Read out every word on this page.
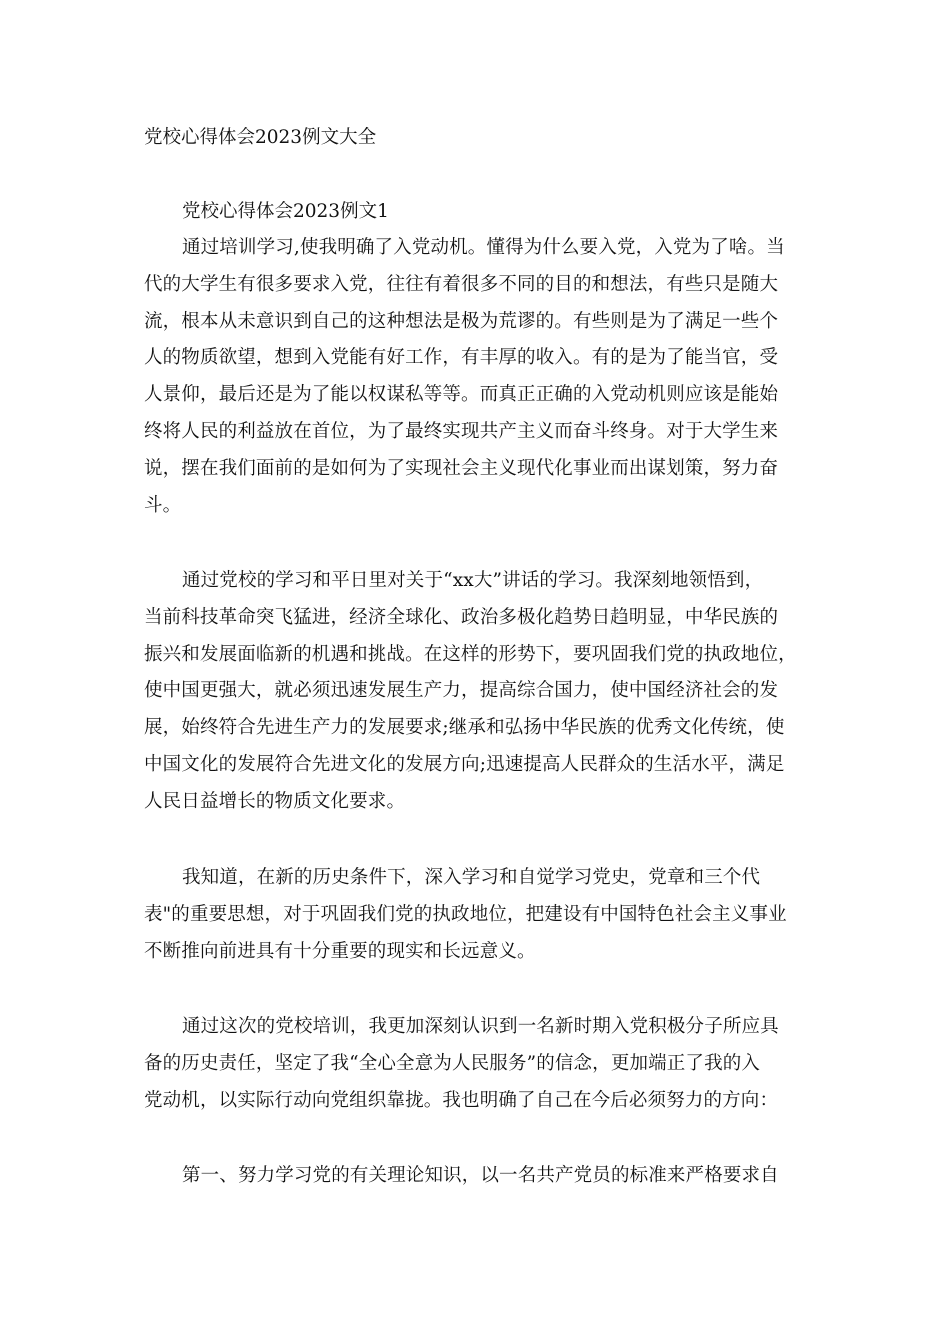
党校心得体会2023例文大全
党校心得体会2023例文1
通过培训学习,使我明确了入党动机。懂得为什么要入党，入党为了啥。当
代的大学生有很多要求入党，往往有着很多不同的目的和想法，有些只是随大
流，根本从未意识到自己的这种想法是极为荒谬的。有些则是为了满足一些个
人的物质欲望，想到入党能有好工作，有丰厚的收入。有的是为了能当官，受
人景仰，最后还是为了能以权谋私等等。而真正正确的入党动机则应该是能始
终将人民的利益放在首位，为了最终实现共产主义而奋斗终身。对于大学生来
说，摆在我们面前的是如何为了实现社会主义现代化事业而出谋划策，努力奋
斗。
通过党校的学习和平日里对关于“xx大”讲话的学习。我深刻地领悟到，
当前科技革命突飞猛进，经济全球化、政治多极化趋势日趋明显，中华民族的
振兴和发展面临新的机遇和挑战。在这样的形势下，要巩固我们党的执政地位，
使中国更强大，就必须迅速发展生产力，提高综合国力，使中国经济社会的发
展，始终符合先进生产力的发展要求;继承和弘扬中华民族的优秀文化传统，使
中国文化的发展符合先进文化的发展方向;迅速提高人民群众的生活水平，满足
人民日益增长的物质文化要求。
我知道，在新的历史条件下，深入学习和自觉学习党史，党章和三个代
表"的重要思想，对于巩固我们党的执政地位，把建设有中国特色社会主义事业
不断推向前进具有十分重要的现实和长远意义。
通过这次的党校培训，我更加深刻认识到一名新时期入党积极分子所应具
备的历史责任，坚定了我“全心全意为人民服务”的信念，更加端正了我的入
党动机，以实际行动向党组织靠拢。我也明确了自己在今后必须努力的方向：
第一、努力学习党的有关理论知识，以一名共产党员的标准来严格要求自
